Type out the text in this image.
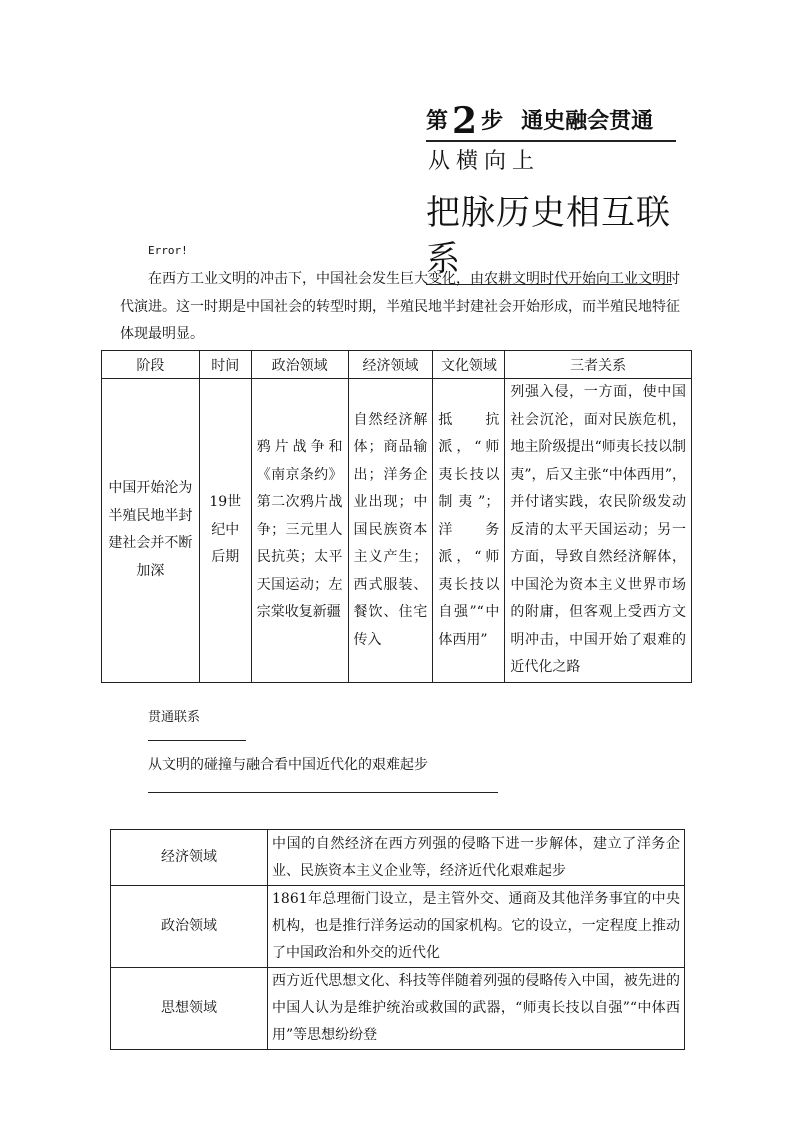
第 2 步 通史融会贯通
从横向上
把脉历史相互联系
Error!
在西方工业文明的冲击下，中国社会发生巨大变化，由农耕文明时代开始向工业文明时代演进。这一时期是中国社会的转型时期，半殖民地半封建社会开始形成，而半殖民地特征体现最明显。
阶段	时间	政治领域	经济领域	文化领域	三者关系
中国开始沦为半殖民地半封建社会并不断加深	19世纪中后期	鸦片战争和《南京条约》第二次鸦片战争；三元里人民抗英；太平天国运动；左宗棠收复新疆	自然经济解体；商品输出；洋务企业出现；中国民族资本主义产生；西式服装、餐饮、住宅传入	抵抗派，“师夷长技以制夷”；洋务派，“师夷长技以自强”“中体西用”	列强入侵，一方面，使中国社会沉沦，面对民族危机，地主阶级提出“师夷长技以制夷”，后又主张“中体西用”，并付诸实践，农民阶级发动反清的太平天国运动；另一方面，导致自然经济解体，中国沦为资本主义世界市场的附庸，但客观上受西方文明冲击，中国开始了艰难的近代化之路
贯通联系
从文明的碰撞与融合看中国近代化的艰难起步
经济领域	中国的自然经济在西方列强的侵略下进一步解体，建立了洋务企业、民族资本主义企业等，经济近代化艰难起步
政治领域	1861年总理衙门设立，是主管外交、通商及其他洋务事宜的中央机构，也是推行洋务运动的国家机构。它的设立，一定程度上推动了中国政治和外交的近代化
思想领域	西方近代思想文化、科技等伴随着列强的侵略传入中国，被先进的中国人认为是维护统治或救国的武器，“师夷长技以自强”“中体西用”等思想纷纷登
